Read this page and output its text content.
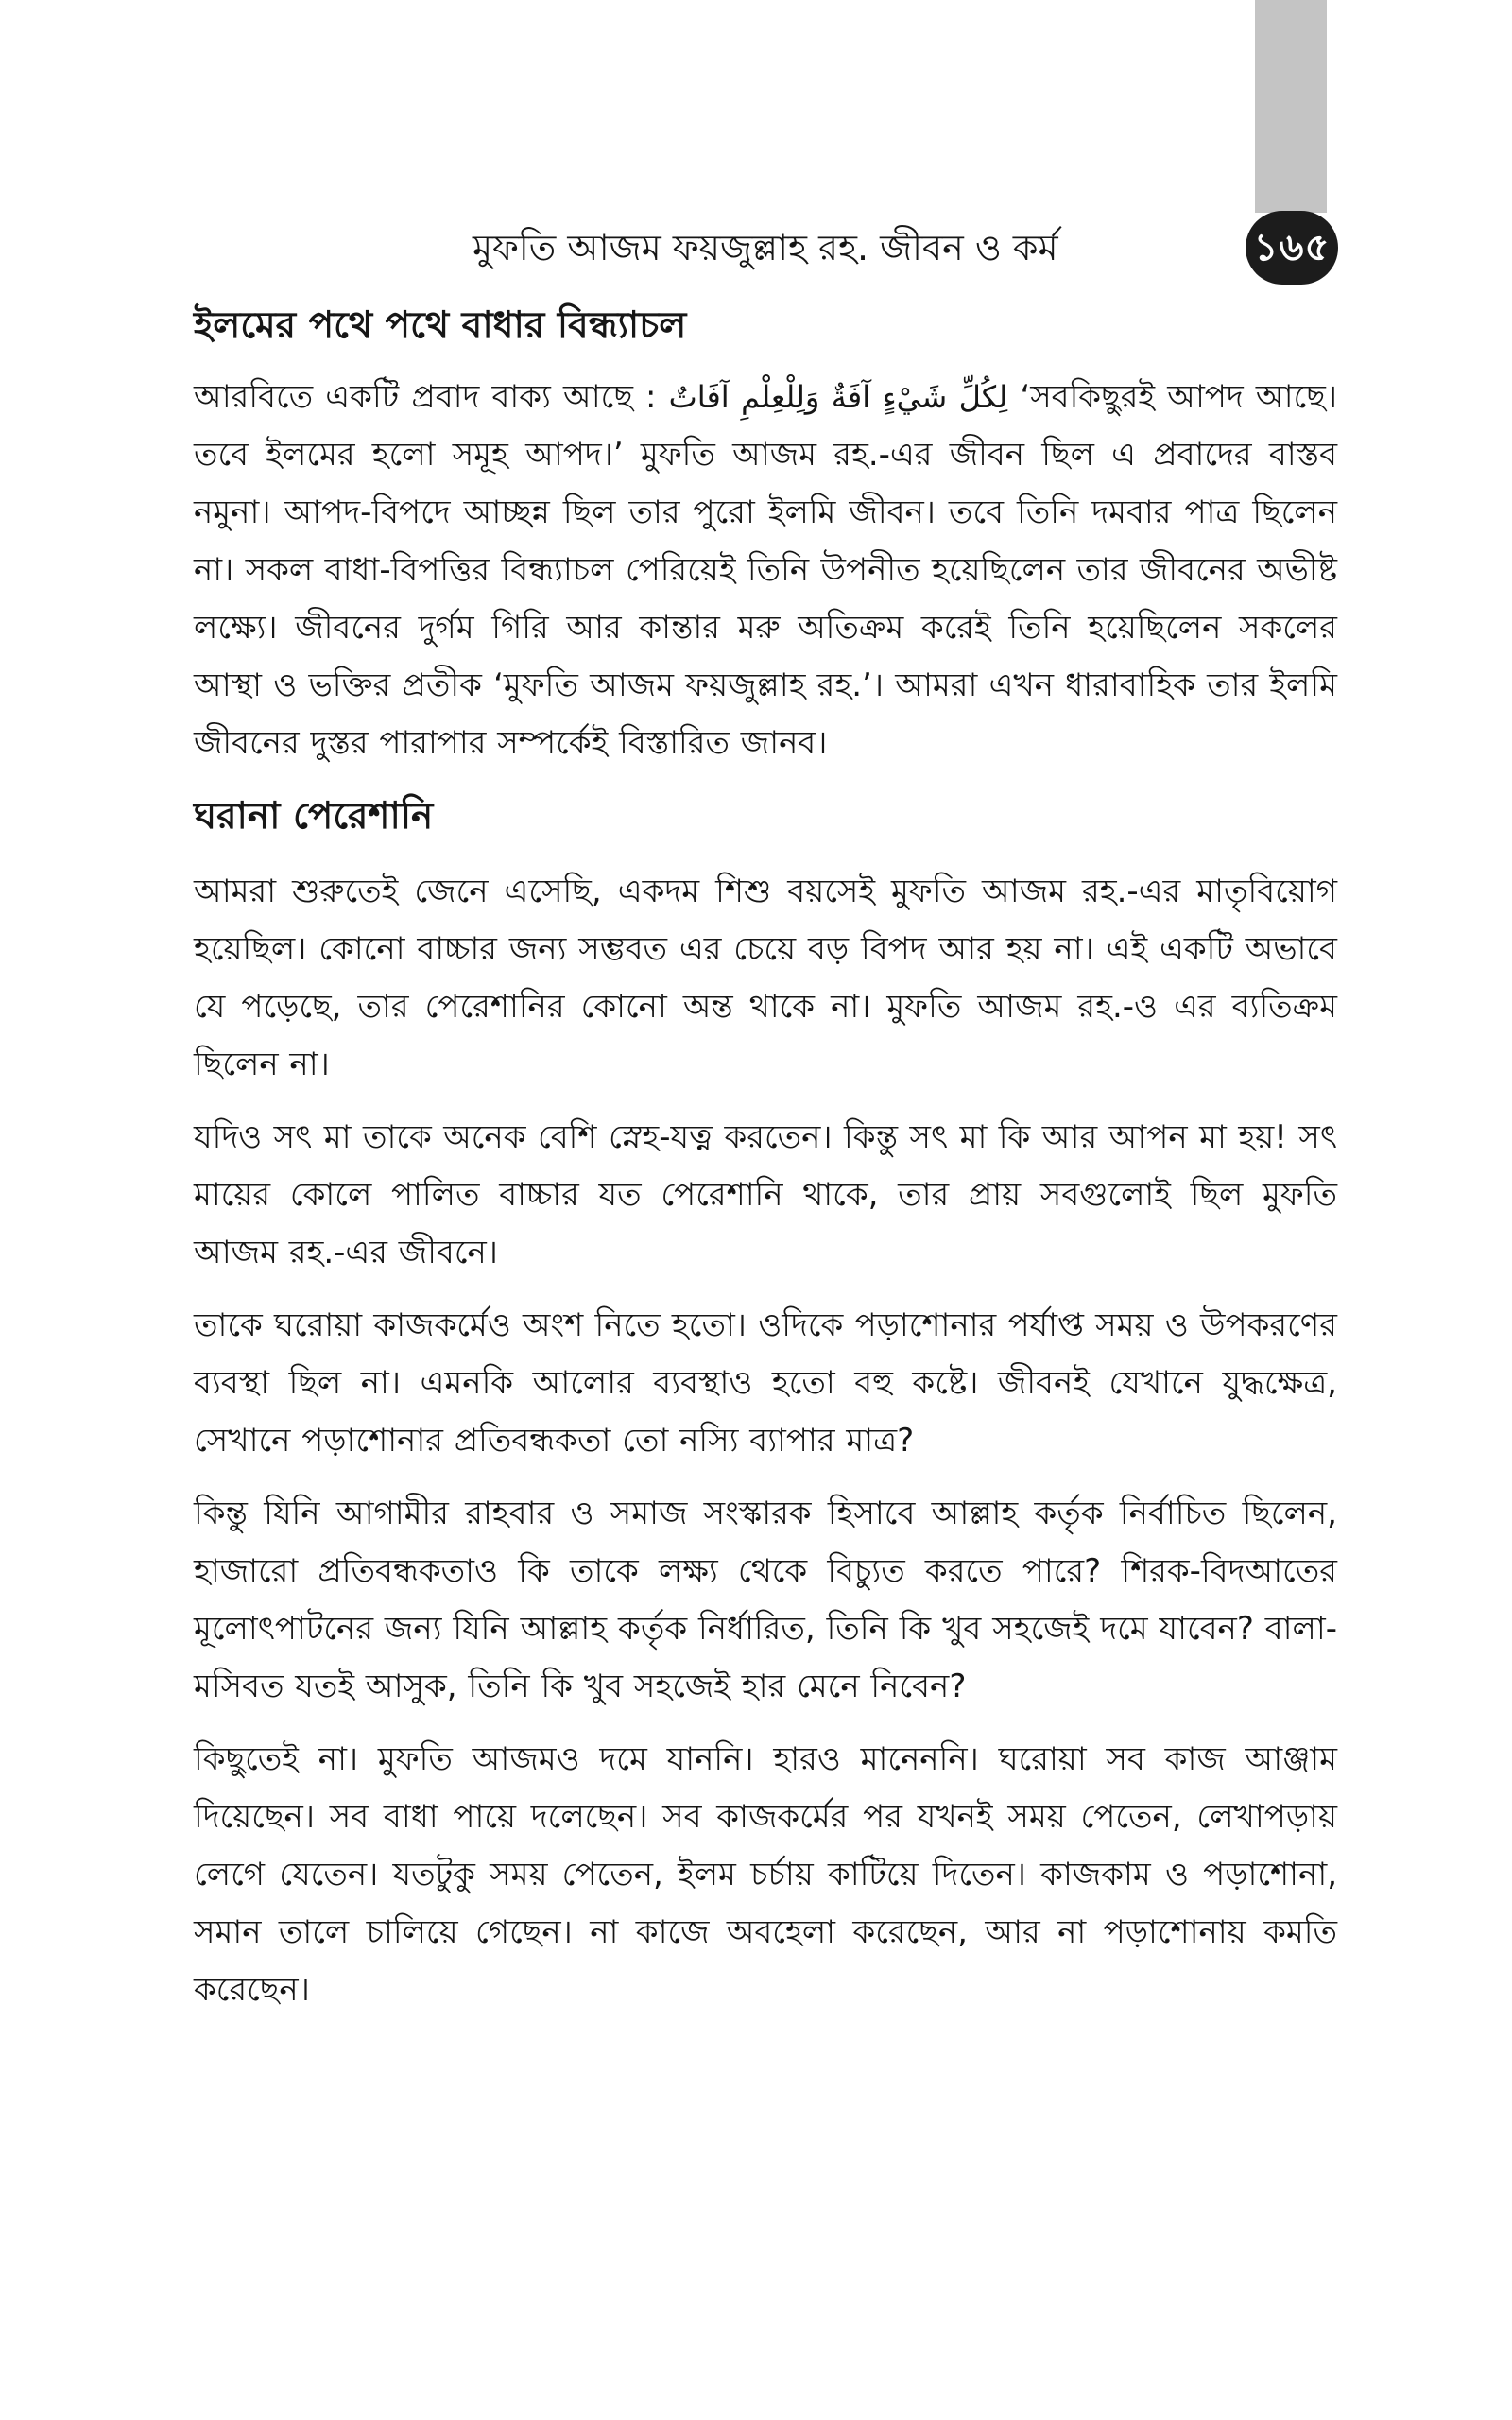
মুফতি আজম ফয়জুল্লাহ রহ. জীবন ও কর্ম	১৬৫
ইলমের পথে পথে বাধার বিন্ধ্যাচল

আরবিতে একটি প্রবাদ বাক্য আছে : لِكُلِّ شَيْءٍ آفَةٌ وَلِلْعِلْمِ آفَاتٌ ‘সবকিছুরই আপদ আছে। তবে ইলমের হলো সমূহ আপদ।’ মুফতি আজম রহ.-এর জীবন ছিল এ প্রবাদের বাস্তব নমুনা। আপদ-বিপদে আচ্ছন্ন ছিল তার পুরো ইলমি জীবন। তবে তিনি দমবার পাত্র ছিলেন না। সকল বাধা-বিপত্তির বিন্ধ্যাচল পেরিয়েই তিনি উপনীত হয়েছিলেন তার জীবনের অভীষ্ট লক্ষ্যে। জীবনের দুর্গম গিরি আর কান্তার মরু অতিক্রম করেই তিনি হয়েছিলেন সকলের আস্থা ও ভক্তির প্রতীক ‘মুফতি আজম ফয়জুল্লাহ রহ.’। আমরা এখন ধারাবাহিক তার ইলমি জীবনের দুস্তর পারাপার সম্পর্কেই বিস্তারিত জানব।

ঘরানা পেরেশানি

আমরা শুরুতেই জেনে এসেছি, একদম শিশু বয়সেই মুফতি আজম রহ.-এর মাতৃবিয়োগ হয়েছিল। কোনো বাচ্চার জন্য সম্ভবত এর চেয়ে বড় বিপদ আর হয় না। এই একটি অভাবে যে পড়েছে, তার পেরেশানির কোনো অন্ত থাকে না। মুফতি আজম রহ.-ও এর ব্যতিক্রম ছিলেন না।

যদিও সৎ মা তাকে অনেক বেশি স্নেহ-যত্ন করতেন। কিন্তু সৎ মা কি আর আপন মা হয়! সৎ মায়ের কোলে পালিত বাচ্চার যত পেরেশানি থাকে, তার প্রায় সবগুলোই ছিল মুফতি আজম রহ.-এর জীবনে।

তাকে ঘরোয়া কাজকর্মেও অংশ নিতে হতো। ওদিকে পড়াশোনার পর্যাপ্ত সময় ও উপকরণের ব্যবস্থা ছিল না। এমনকি আলোর ব্যবস্থাও হতো বহু কষ্টে। জীবনই যেখানে যুদ্ধক্ষেত্র, সেখানে পড়াশোনার প্রতিবন্ধকতা তো নস্যি ব্যাপার মাত্র?

কিন্তু যিনি আগামীর রাহবার ও সমাজ সংস্কারক হিসাবে আল্লাহ কর্তৃক নির্বাচিত ছিলেন, হাজারো প্রতিবন্ধকতাও কি তাকে লক্ষ্য থেকে বিচ্যুত করতে পারে? শিরক-বিদআতের মূলোৎপাটনের জন্য যিনি আল্লাহ কর্তৃক নির্ধারিত, তিনি কি খুব সহজেই দমে যাবেন? বালা-মসিবত যতই আসুক, তিনি কি খুব সহজেই হার মেনে নিবেন?

কিছুতেই না। মুফতি আজমও দমে যাননি। হারও মানেননি। ঘরোয়া সব কাজ আঞ্জাম দিয়েছেন। সব বাধা পায়ে দলেছেন। সব কাজকর্মের পর যখনই সময় পেতেন, লেখাপড়ায় লেগে যেতেন। যতটুকু সময় পেতেন, ইলম চর্চায় কাটিয়ে দিতেন। কাজকাম ও পড়াশোনা, সমান তালে চালিয়ে গেছেন। না কাজে অবহেলা করেছেন, আর না পড়াশোনায় কমতি করেছেন।
